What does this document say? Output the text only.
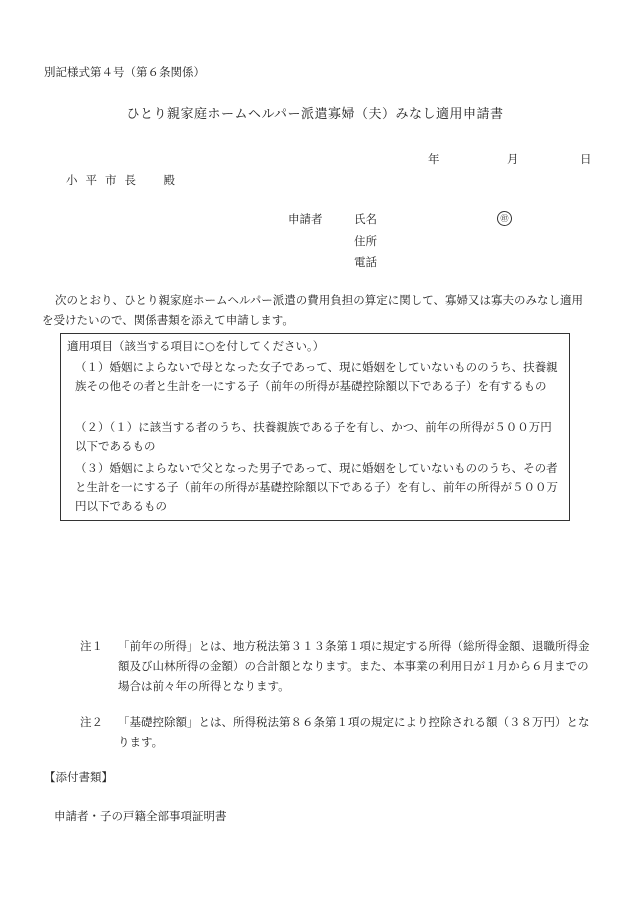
別記様式第４号（第６条関係）
ひとり親家庭ホームヘルパー派遣寡婦（夫）みなし適用申請書
年	月	日
小平市長　殿
申請者	氏名	㊞
住所
電話
次のとおり、ひとり親家庭ホームヘルパー派遣の費用負担の算定に関して、寡婦又は寡夫のみなし適用を受けたいので、関係書類を添えて申請します。
適用項目（該当する項目に○を付してください。）
（１）婚姻によらないで母となった女子であって、現に婚姻をしていないもののうち、扶養親族その他その者と生計を一にする子（前年の所得が基礎控除額以下である子）を有するもの
（２）（１）に該当する者のうち、扶養親族である子を有し、かつ、前年の所得が５００万円以下であるもの
（３）婚姻によらないで父となった男子であって、現に婚姻をしていないもののうち、その者と生計を一にする子（前年の所得が基礎控除額以下である子）を有し、前年の所得が５００万円以下であるもの
注１ 「前年の所得」とは、地方税法第３１３条第１項に規定する所得（総所得金額、退職所得金額及び山林所得の金額）の合計額となります。また、本事業の利用日が１月から６月までの場合は前々年の所得となります。
注２ 「基礎控除額」とは、所得税法第８６条第１項の規定により控除される額（３８万円）となります。
【添付書類】
申請者・子の戸籍全部事項証明書
